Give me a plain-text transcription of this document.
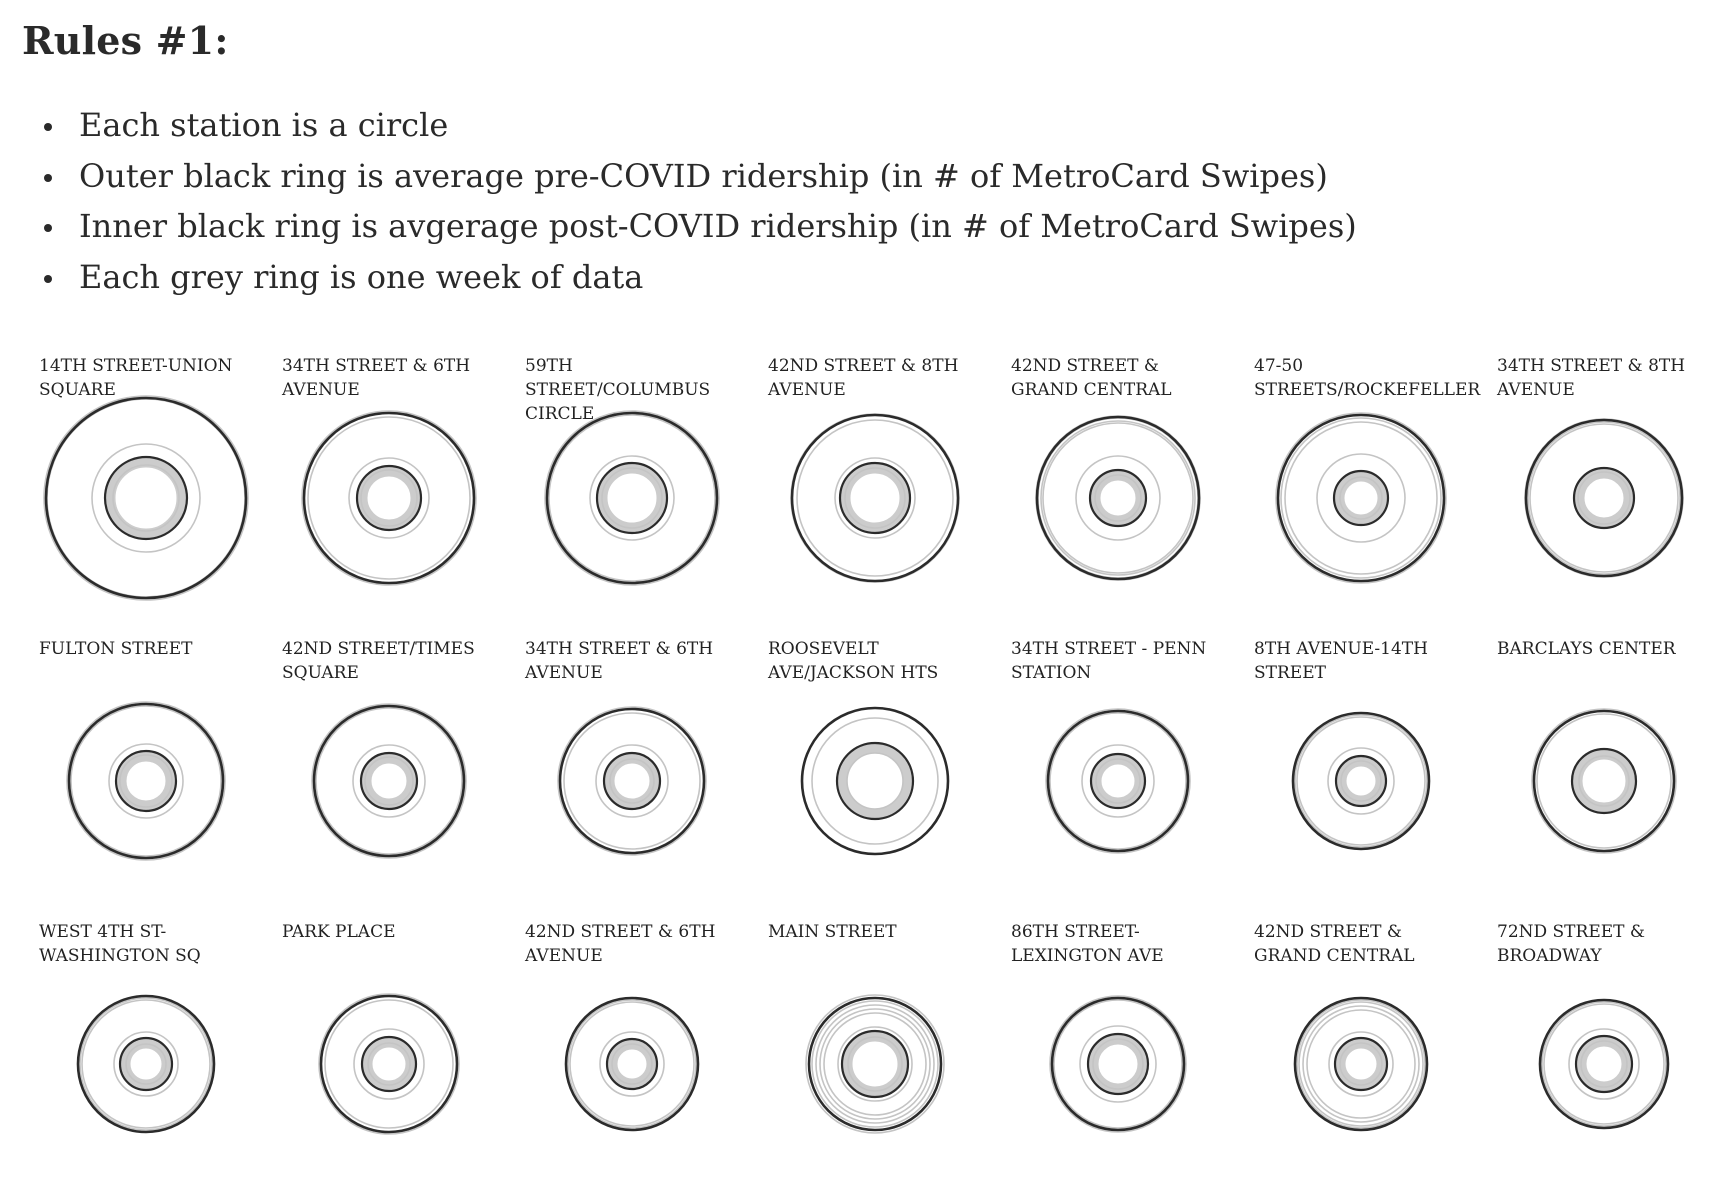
Rules #1:
Each station is a circle
Outer black ring is average pre-COVID ridership (in # of MetroCard Swipes)
Inner black ring is avgerage post-COVID ridership (in # of MetroCard Swipes)
Each grey ring is one week of data
14TH STREET-UNION SQUARE
34TH STREET & 6TH AVENUE
59TH STREET/COLUMBUS CIRCLE
42ND STREET & 8TH AVENUE
42ND STREET & GRAND CENTRAL
47-50 STREETS/ROCKEFELLER
34TH STREET & 8TH AVENUE
FULTON STREET	42ND STREET/TIMES SQUARE
34TH STREET & 6TH AVENUE
ROOSEVELT AVE/JACKSON HTS
34TH STREET - PENN STATION
8TH AVENUE-14TH STREET
BARCLAYS CENTER
WEST 4TH ST-WASHINGTON SQ
PARK PLACE	42ND STREET & 6TH AVENUE
MAIN STREET	86TH STREET-LEXINGTON AVE
42ND STREET & GRAND CENTRAL
72ND STREET & BROADWAY
